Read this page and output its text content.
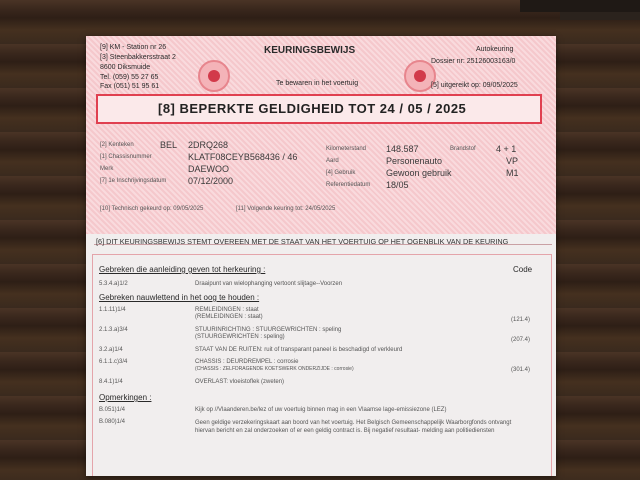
[9] KM - Station nr 26
[3] Steenbakkersstraat 2
8600 Diksmuide
Tel. (059) 55 27 65
Fax (051) 51 95 61
KEURINGSBEWIJS
Te bewaren in het voertuig
Autokeuring
Dossier nr: 25126003163/0
[5] uitgereikt op: 09/05/2025
[8] BEPERKTE GELDIGHEID TOT 24 / 05 / 2025
[2] Kenteken	BEL 2DRQ268
[1] Chassisnummer	KLATF08CEYB568436 / 46
Merk	DAEWOO
[7] 1e Inschrijvingsdatum 07/12/2000
Kilometerstand 148.587	Brandstof 4 + 1
Aard	Personenauto	VP
[4] Gebruik	Gewoon gebruik	M1
Referentiedatum 18/05
[10] Technisch gekeurd op: 09/05/2025	[11] Volgende keuring tot: 24/05/2025
[6] DIT KEURINGSBEWIJS STEMT OVEREEN MET DE STAAT VAN HET VOERTUIG OP HET OGENBLIK VAN DE KEURING
Gebreken die aanleiding geven tot herkeuring :	Code
5.3.4.a)1/2	Draaipunt van wielophanging vertoont slijtage--Voorzen
Gebreken nauwlettend in het oog te houden :
1.1.11)1/4	REMLEIDINGEN : staat
(REMLEIDINGEN : staat)	(121.4)
2.1.3.a)3/4	STUURINRICHTING : STUURGEWRICHTEN : speling
(STUURGEWRICHTEN : speling)	(207.4)
3.2.a)1/4	STAAT VAN DE RUITEN: ruit of transparant paneel is beschadigd of verkleurd
6.1.1.c)3/4	CHASSIS : DEURDREMPEL : corrosie
(CHASSIS : ZELFDRAGENDE KOETSWERK ONDERZIJDE : corrosie)	(301.4)
8.4.1)1/4	OVERLAST: vloeistoflek (zweten)
Opmerkingen :
B.051)1/4	Kijk op //Vlaanderen.be/lez of uw voertuig binnen mag in een Vlaamse lage-emissiezone (LEZ)
B.080)1/4	Geen geldige verzekeringskaart aan boord van het voertuig. Het Belgisch Gemeenschappelijk Waarborgfonds ontvangt hiervan bericht en zal onderzoeken of er een geldig contract is. Bij negatief resultaat- melding aan politiediensten
